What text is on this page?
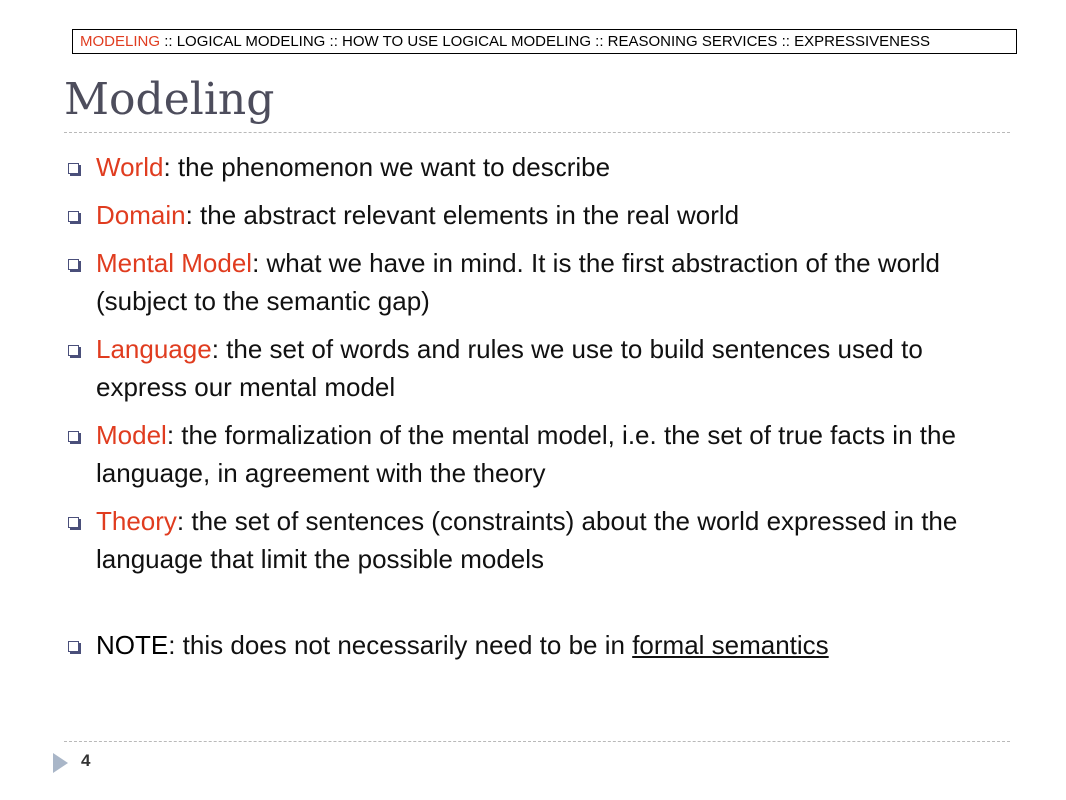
MODELING :: LOGICAL MODELING :: HOW TO USE LOGICAL MODELING :: REASONING SERVICES :: EXPRESSIVENESS
Modeling
World: the phenomenon we want to describe
Domain: the abstract relevant elements in the real world
Mental Model: what we have in mind. It is the first abstraction of the world (subject to the semantic gap)
Language: the set of words and rules we use to build sentences used to express our mental model
Model: the formalization of the mental model, i.e. the set of true facts in the language, in agreement with the theory
Theory: the set of sentences (constraints) about the world expressed in the language that limit the possible models
NOTE: this does not necessarily need to be in formal semantics
4
